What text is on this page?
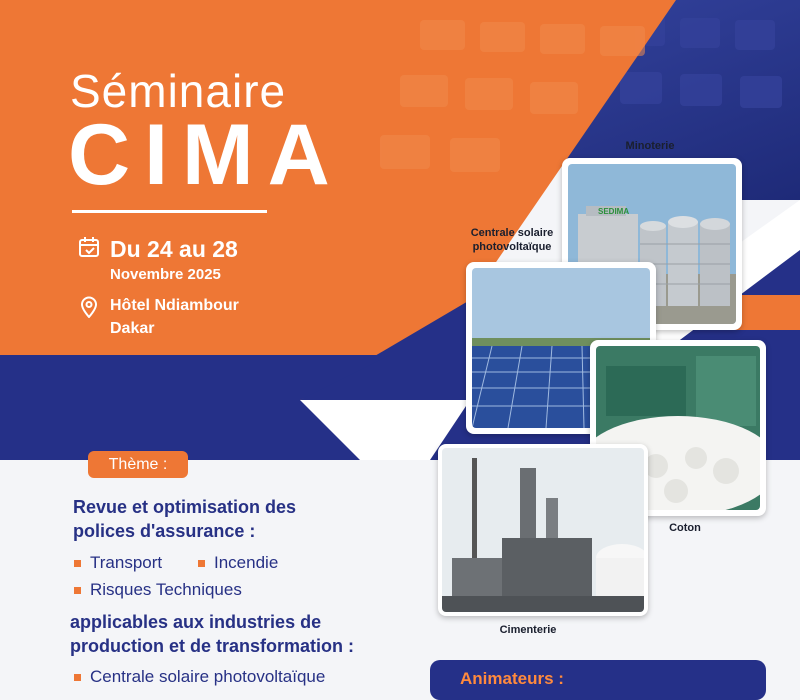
Séminaire
CIMA
Du 24 au 28
Novembre 2025
Hôtel Ndiambour
Dakar
Minoterie
Centrale solaire
photovoltaïque
Coton
Cimenterie
SEDIMA
Thème :
Revue et optimisation des
polices d'assurance :
Transport	Incendie
Risques Techniques
applicables aux industries de
production et de transformation :
Centrale solaire photovoltaïque	Animateurs :
